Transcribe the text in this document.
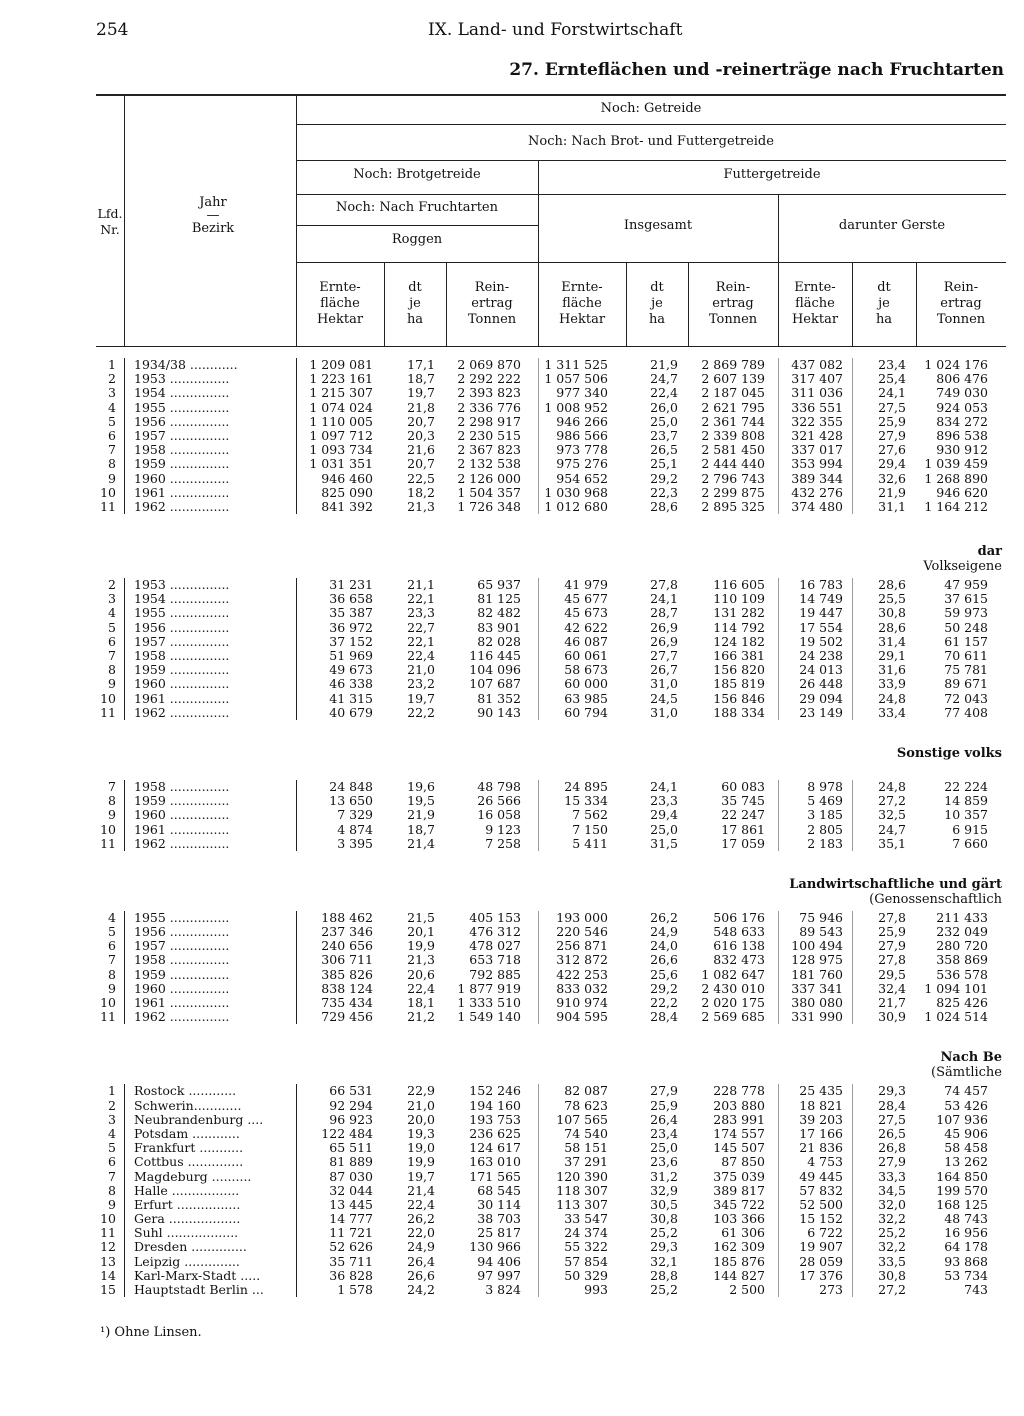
254	IX. Land- und Forstwirtschaft
27. Ernteflächen und -reinerträge nach Fruchtarten
Lfd.
Nr.
Jahr
—
Bezirk
Noch: Getreide
Noch: Nach Brot- und Futtergetreide
Noch: Brotgetreide	Futtergetreide
Noch: Nach Fruchtarten
Roggen
Insgesamt	darunter Gerste
Ernte-
fläche
Hektar
dt
je
ha
Rein-
ertrag
Tonnen
Ernte-
fläche
Hektar
dt
je
ha
Rein-
ertrag
Tonnen
Ernte-
fläche
Hektar
dt
je
ha
Rein-
ertrag
Tonnen
1 1934/38 ............	1 209 081	17,1	2 069 870	1 311 525	21,9	2 869 789	437 082	23,4 1 024 176
2 1953 ...............	1 223 161	18,7	2 292 222	1 057 506	24,7	2 607 139	317 407	25,4	806 476
3 1954 ...............	1 215 307	19,7	2 393 823	977 340	22,4	2 187 045	311 036	24,1	749 030
4 1955 ...............	1 074 024	21,8	2 336 776	1 008 952	26,0	2 621 795	336 551	27,5	924 053
5 1956 ...............	1 110 005	20,7	2 298 917	946 266	25,0	2 361 744	322 355	25,9	834 272
6 1957 ...............	1 097 712	20,3	2 230 515	986 566	23,7	2 339 808	321 428	27,9	896 538
7 1958 ...............	1 093 734	21,6	2 367 823	973 778	26,5	2 581 450	337 017	27,6	930 912
8 1959 ...............	1 031 351	20,7	2 132 538	975 276	25,1	2 444 440	353 994	29,4 1 039 459
9 1960 ...............	946 460	22,5	2 126 000	954 652	29,2	2 796 743	389 344	32,6 1 268 890
10 1961 ...............	825 090	18,2	1 504 357	1 030 968	22,3	2 299 875	432 276	21,9	946 620
11 1962 ...............	841 392	21,3	1 726 348	1 012 680	28,6	2 895 325	374 480	31,1 1 164 212
dar
Volkseigene
2 1953 ...............	31 231	21,1	65 937	41 979	27,8	116 605	16 783	28,6	47 959
3 1954 ...............	36 658	22,1	81 125	45 677	24,1	110 109	14 749	25,5	37 615
4 1955 ...............	35 387	23,3	82 482	45 673	28,7	131 282	19 447	30,8	59 973
5 1956 ...............	36 972	22,7	83 901	42 622	26,9	114 792	17 554	28,6	50 248
6 1957 ...............	37 152	22,1	82 028	46 087	26,9	124 182	19 502	31,4	61 157
7 1958 ...............	51 969	22,4	116 445	60 061	27,7	166 381	24 238	29,1	70 611
8 1959 ...............	49 673	21,0	104 096	58 673	26,7	156 820	24 013	31,6	75 781
9 1960 ...............	46 338	23,2	107 687	60 000	31,0	185 819	26 448	33,9	89 671
10 1961 ...............	41 315	19,7	81 352	63 985	24,5	156 846	29 094	24,8	72 043
11 1962 ...............	40 679	22,2	90 143	60 794	31,0	188 334	23 149	33,4	77 408
Sonstige volks
7 1958 ...............	24 848	19,6	48 798	24 895	24,1	60 083	8 978	24,8	22 224
8 1959 ...............	13 650	19,5	26 566	15 334	23,3	35 745	5 469	27,2	14 859
9 1960 ...............	7 329	21,9	16 058	7 562	29,4	22 247	3 185	32,5	10 357
10 1961 ...............	4 874	18,7	9 123	7 150	25,0	17 861	2 805	24,7	6 915
11 1962 ...............	3 395	21,4	7 258	5 411	31,5	17 059	2 183	35,1	7 660
Landwirtschaftliche und gärt
(Genossenschaftlich
4 1955 ...............	188 462	21,5	405 153	193 000	26,2	506 176	75 946	27,8	211 433
5 1956 ...............	237 346	20,1	476 312	220 546	24,9	548 633	89 543	25,9	232 049
6 1957 ...............	240 656	19,9	478 027	256 871	24,0	616 138	100 494	27,9	280 720
7 1958 ...............	306 711	21,3	653 718	312 872	26,6	832 473	128 975	27,8	358 869
8 1959 ...............	385 826	20,6	792 885	422 253	25,6	1 082 647	181 760	29,5	536 578
9 1960 ...............	838 124	22,4	1 877 919	833 032	29,2	2 430 010	337 341	32,4 1 094 101
10 1961 ...............	735 434	18,1	1 333 510	910 974	22,2	2 020 175	380 080	21,7	825 426
11 1962 ...............	729 456	21,2	1 549 140	904 595	28,4	2 569 685	331 990	30,9 1 024 514
Nach Be
(Sämtliche
1 Rostock ............	66 531	22,9	152 246	82 087	27,9	228 778	25 435	29,3	74 457
2 Schwerin............	92 294	21,0	194 160	78 623	25,9	203 880	18 821	28,4	53 426
3 Neubrandenburg ....	96 923	20,0	193 753	107 565	26,4	283 991	39 203	27,5	107 936
4 Potsdam ............	122 484	19,3	236 625	74 540	23,4	174 557	17 166	26,5	45 906
5 Frankfurt ...........	65 511	19,0	124 617	58 151	25,0	145 507	21 836	26,8	58 458
6 Cottbus ..............	81 889	19,9	163 010	37 291	23,6	87 850	4 753	27,9	13 262
7 Magdeburg ..........	87 030	19,7	171 565	120 390	31,2	375 039	49 445	33,3	164 850
8 Halle .................	32 044	21,4	68 545	118 307	32,9	389 817	57 832	34,5	199 570
9 Erfurt ................	13 445	22,4	30 114	113 307	30,5	345 722	52 500	32,0	168 125
10 Gera ..................	14 777	26,2	38 703	33 547	30,8	103 366	15 152	32,2	48 743
11 Suhl ..................	11 721	22,0	25 817	24 374	25,2	61 306	6 722	25,2	16 956
12 Dresden ..............	52 626	24,9	130 966	55 322	29,3	162 309	19 907	32,2	64 178
13 Leipzig ..............	35 711	26,4	94 406	57 854	32,1	185 876	28 059	33,5	93 868
14 Karl-Marx-Stadt .....	36 828	26,6	97 997	50 329	28,8	144 827	17 376	30,8	53 734
15 Hauptstadt Berlin ...	1 578	24,2	3 824	993	25,2	2 500	273	27,2	743
¹) Ohne Linsen.
